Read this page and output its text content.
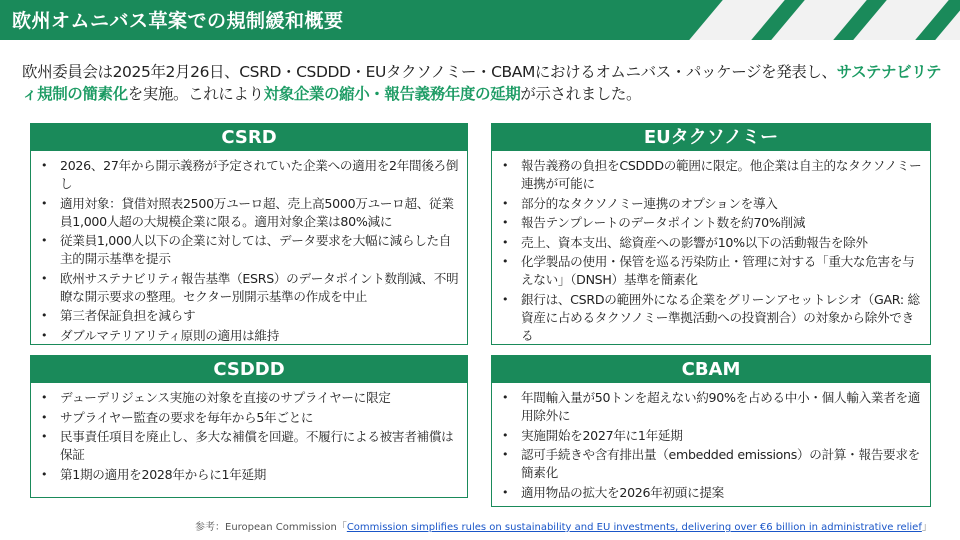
欧州オムニバス草案での規制緩和概要
欧州委員会は2025年2月26日、CSRD・CSDDD・EUタクソノミー・CBAMにおけるオムニバス・パッケージを発表し、サステナビリティ規制の簡素化を実施。これにより対象企業の縮小・報告義務年度の延期が示されました。
CSRD
• 2026、27年から開示義務が予定されていた企業への適用を2年間後ろ倒し
• 適用対象：貸借対照表2500万ユーロ超、売上高5000万ユーロ超、従業員1,000人超の大規模企業に限る。適用対象企業は80%減に
• 従業員1,000人以下の企業に対しては、データ要求を大幅に減らした自主的開示基準を提示
• 欧州サステナビリティ報告基準（ESRS）のデータポイント数削減、不明瞭な開示要求の整理。セクター別開示基準の作成を中止
• 第三者保証負担を減らす
• ダブルマテリアリティ原則の適用は維持
EUタクソノミー
• 報告義務の負担をCSDDDの範囲に限定。他企業は自主的なタクソノミー連携が可能に
• 部分的なタクソノミー連携のオプションを導入
• 報告テンプレートのデータポイント数を約70%削減
• 売上、資本支出、総資産への影響が10%以下の活動報告を除外
• 化学製品の使用・保管を巡る汚染防止・管理に対する「重大な危害を与えない」（DNSH）基準を簡素化
• 銀行は、CSRDの範囲外になる企業をグリーンアセットレシオ（GAR: 総資産に占めるタクソノミー準拠活動への投資割合）の対象から除外できる
CSDDD
• デューデリジェンス実施の対象を直接のサプライヤーに限定
• サプライヤー監査の要求を毎年から5年ごとに
• 民事責任項目を廃止し、多大な補償を回避。不履行による被害者補償は保証
• 第1期の適用を2028年からに1年延期
CBAM
• 年間輸入量が50トンを超えない約90%を占める中小・個人輸入業者を適用除外に
• 実施開始を2027年に1年延期
• 認可手続きや含有排出量（embedded emissions）の計算・報告要求を簡素化
• 適用物品の拡大を2026年初頭に提案
参考：European Commission「Commission simplifies rules on sustainability and EU investments, delivering over €6 billion in administrative relief」
